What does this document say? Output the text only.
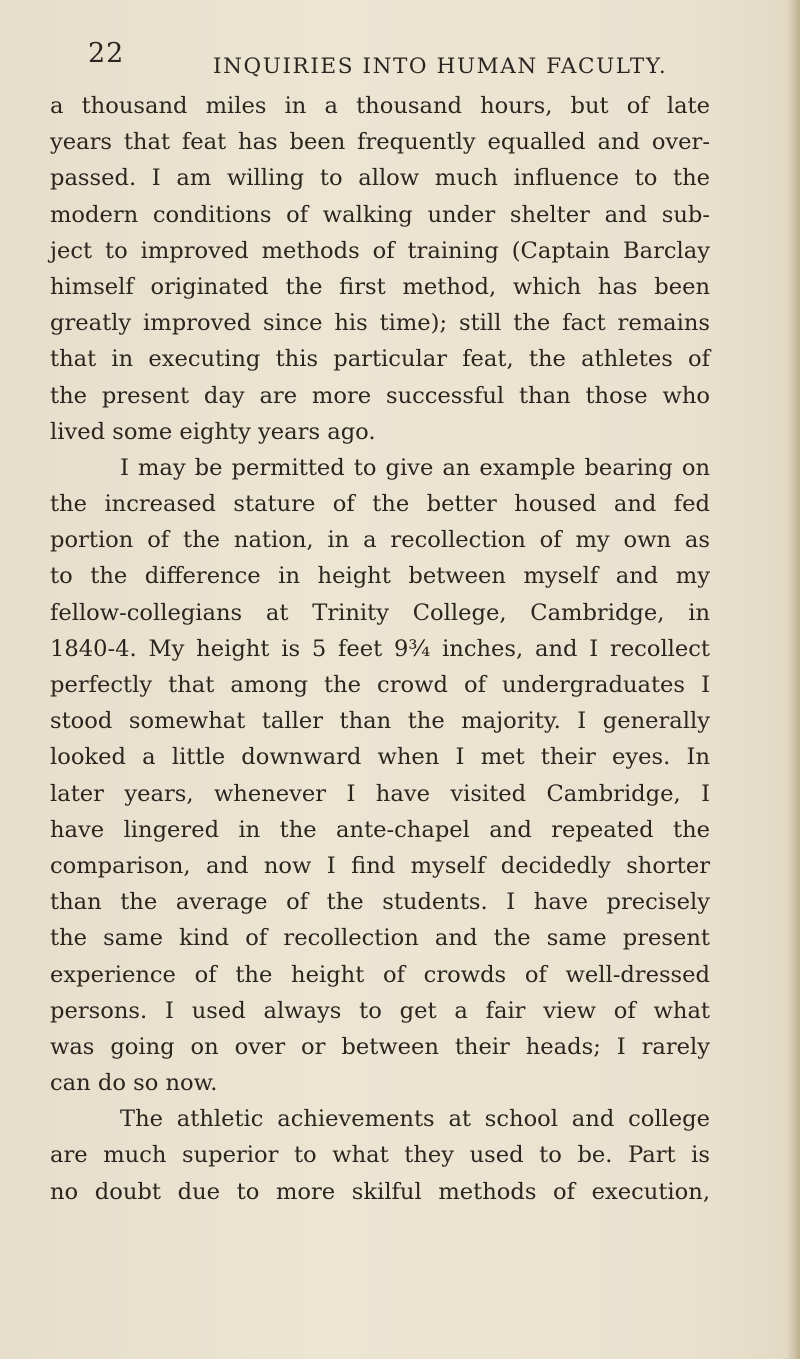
22	INQUIRIES INTO HUMAN FACULTY.
a thousand miles in a thousand hours, but of late
years that feat has been frequently equalled and over-
passed. I am willing to allow much influence to the
modern conditions of walking under shelter and sub-
ject to improved methods of training (Captain Barclay
himself originated the first method, which has been
greatly improved since his time); still the fact remains
that in executing this particular feat, the athletes of
the present day are more successful than those who
lived some eighty years ago.
I may be permitted to give an example bearing on
the increased stature of the better housed and fed
portion of the nation, in a recollection of my own as
to the difference in height between myself and my
fellow-collegians at Trinity College, Cambridge, in
1840-4. My height is 5 feet 9¾ inches, and I recollect
perfectly that among the crowd of undergraduates I
stood somewhat taller than the majority. I generally
looked a little downward when I met their eyes. In
later years, whenever I have visited Cambridge, I
have lingered in the ante-chapel and repeated the
comparison, and now I find myself decidedly shorter
than the average of the students. I have precisely
the same kind of recollection and the same present
experience of the height of crowds of well-dressed
persons. I used always to get a fair view of what
was going on over or between their heads; I rarely
can do so now.
The athletic achievements at school and college
are much superior to what they used to be. Part is
no doubt due to more skilful methods of execution,
